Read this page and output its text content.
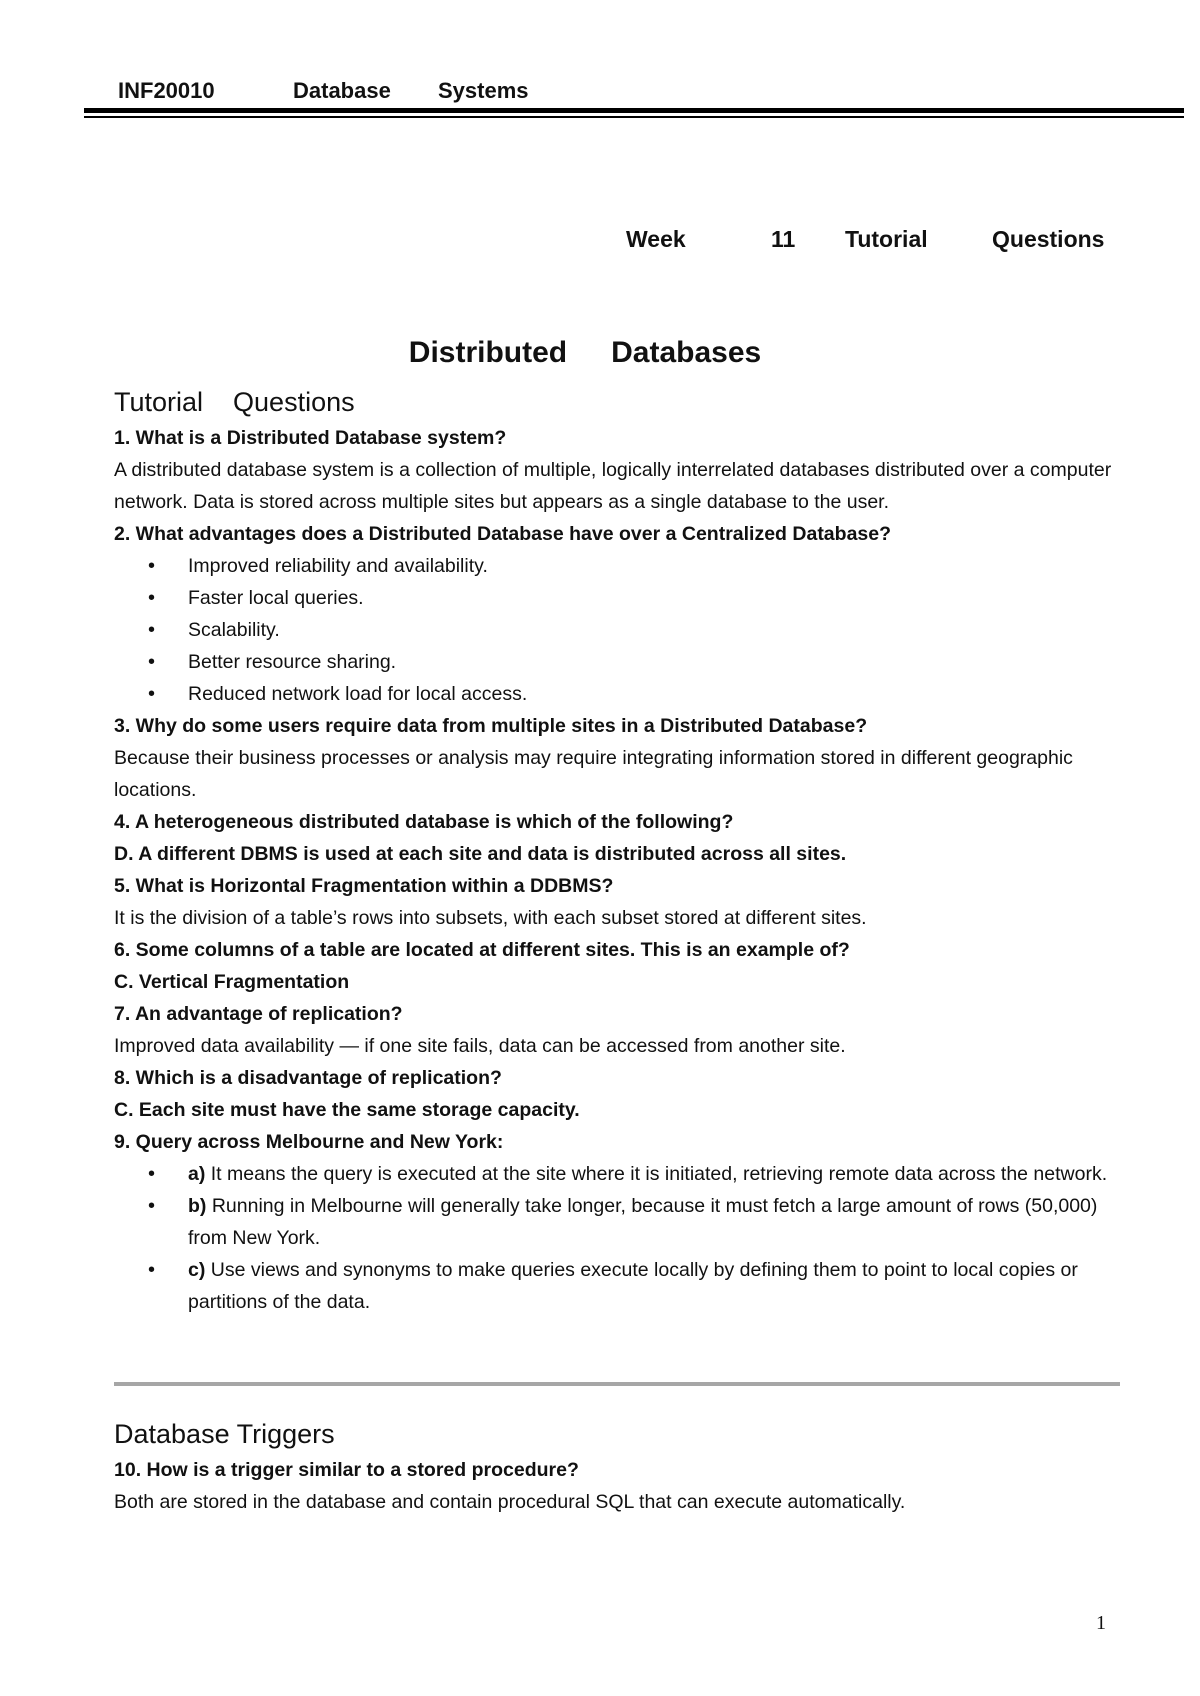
INF20010	Database Systems
Week	11 Tutorial	Questions
Distributed Databases
Tutorial Questions
1. What is a Distributed Database system?
A distributed database system is a collection of multiple, logically interrelated databases distributed over a computer network. Data is stored across multiple sites but appears as a single database to the user.
2. What advantages does a Distributed Database have over a Centralized Database?
• Improved reliability and availability.
• Faster local queries.
• Scalability.
• Better resource sharing.
• Reduced network load for local access.
3. Why do some users require data from multiple sites in a Distributed Database?
Because their business processes or analysis may require integrating information stored in different geographic locations.
4. A heterogeneous distributed database is which of the following?
D. A different DBMS is used at each site and data is distributed across all sites.
5. What is Horizontal Fragmentation within a DDBMS?
It is the division of a table’s rows into subsets, with each subset stored at different sites.
6. Some columns of a table are located at different sites. This is an example of?
C. Vertical Fragmentation
7. An advantage of replication?
Improved data availability — if one site fails, data can be accessed from another site.
8. Which is a disadvantage of replication?
C. Each site must have the same storage capacity.
9. Query across Melbourne and New York:
• a) It means the query is executed at the site where it is initiated, retrieving remote data across the network.
• b) Running in Melbourne will generally take longer, because it must fetch a large amount of rows (50,000) from New York.
• c) Use views and synonyms to make queries execute locally by defining them to point to local copies or partitions of the data.
Database Triggers
10. How is a trigger similar to a stored procedure?
Both are stored in the database and contain procedural SQL that can execute automatically.
1
